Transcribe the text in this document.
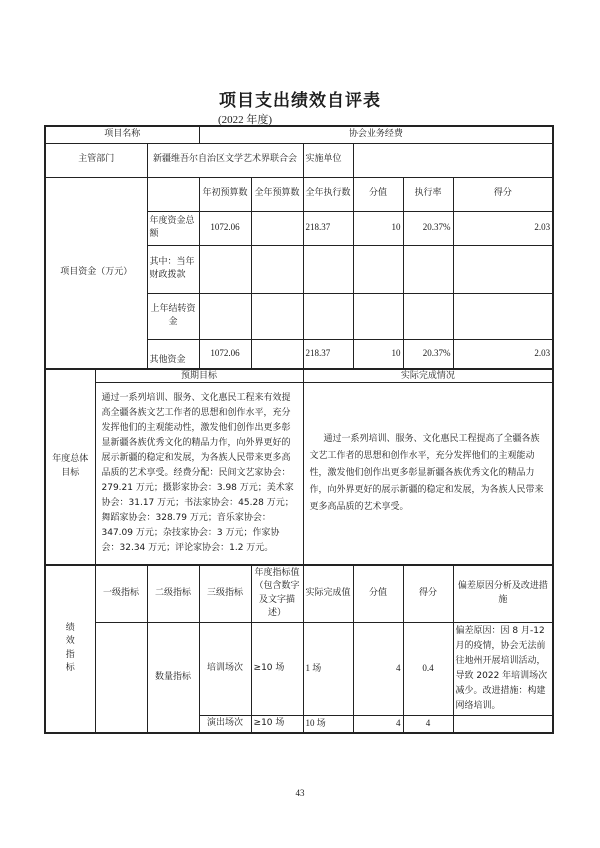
项目支出绩效自评表
(2022 年度)
项目名称			协会业务经费					
主管部门		新疆维吾尔自治区文学艺术界联合会			实施单位			
项目资金（万元）			年初预算数	全年预算数	全年执行数	分值	执行率	得分
		年度资金总额	1072.06		218.37	10	20.37%	2.03
		其中：当年财政拨款						
		上年结转资金						
		其他资金	1072.06		218.37	10	20.37%	2.03
年度总体目标	预期目标				实际完成情况			
	通过一系列培训、服务、文化惠民工程来有效提高全疆各族文艺工作者的思想和创作水平，充分发挥他们的主观能动性，激发他们创作出更多彰显新疆各族优秀文化的精品力作，向外界更好的展示新疆的稳定和发展，为各族人民带来更多高品质的艺术享受。经费分配：民间文艺家协会：279.21 万元；摄影家协会：3.98 万元；美术家协会：31.17 万元；书法家协会：45.28 万元；舞蹈家协会：328.79 万元；音乐家协会：347.09 万元；杂技家协会：3 万元；作家协会：32.34 万元；评论家协会：1.2 万元。				通过一系列培训、服务、文化惠民工程提高了全疆各族文艺工作者的思想和创作水平，充分发挥他们的主观能动性，激发他们创作出更多彰显新疆各族优秀文化的精品力作，向外界更好的展示新疆的稳定和发展，为各族人民带来更多高品质的艺术享受。			

绩效指标	一级指标	二级指标	三级指标	年度指标值（包含数字及文字描述）	实际完成值	分值	得分	偏差原因分析及改进措施
		数量指标	培训场次	≥10 场	1 场	4	0.4	偏差原因：因 8 月-12 月的疫情，协会无法前往地州开展培训活动，导致 2022 年培训场次减少。改进措施：构建网络培训。
			演出场次	≥10 场	10 场	4	4	
43
